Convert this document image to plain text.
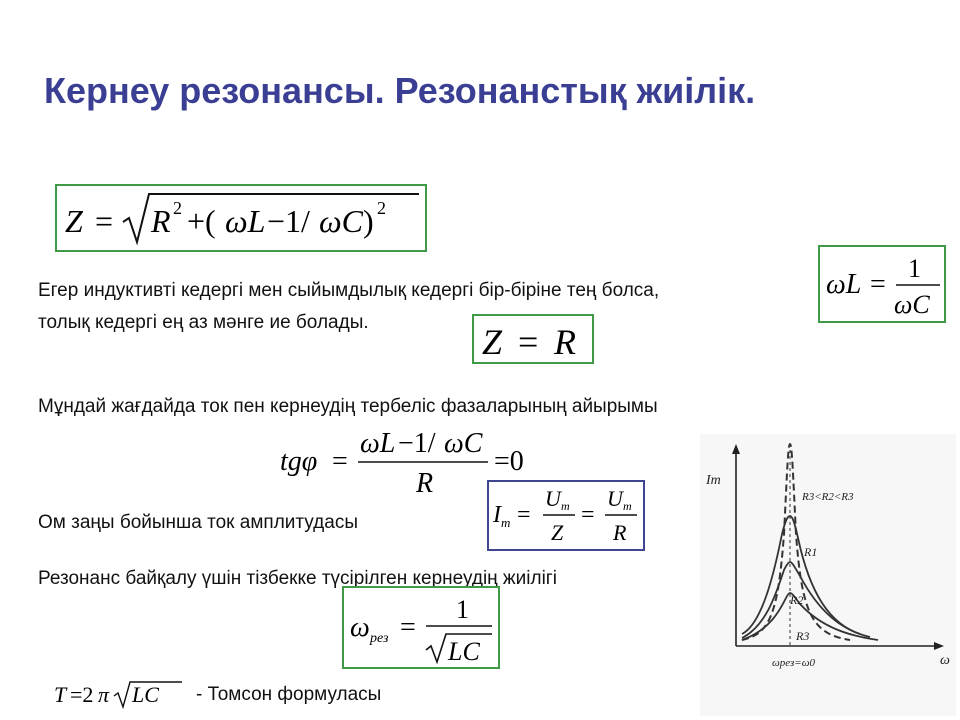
Кернеу резонансы. Резонанстық жиілік.
Z = R 2 +( ωL −1/ ωC ) 2
Егер индуктивті кедергі мен сыйымдылық кедергі бір-біріне тең болса,
толық кедергі ең аз мәнге ие болады.
ωL =
1
ωC
Z = R
Мұндай жағдайда ток пен кернеудің тербеліс фазаларының айырымы
tgφ =
ωL −1/ ωC
R
=0
Ом заңы бойынша ток амплитудасы	I m =
U m
Z
=
U m
R
Резонанс байқалу үшін тізбекке түсірілген кернеудің жиілігі
ω рез =
1
LC
T =2 π LC - Томсон формуласы
Im
ω
ωрез=ω0
R3<R2<R3
R1
R2
R3
